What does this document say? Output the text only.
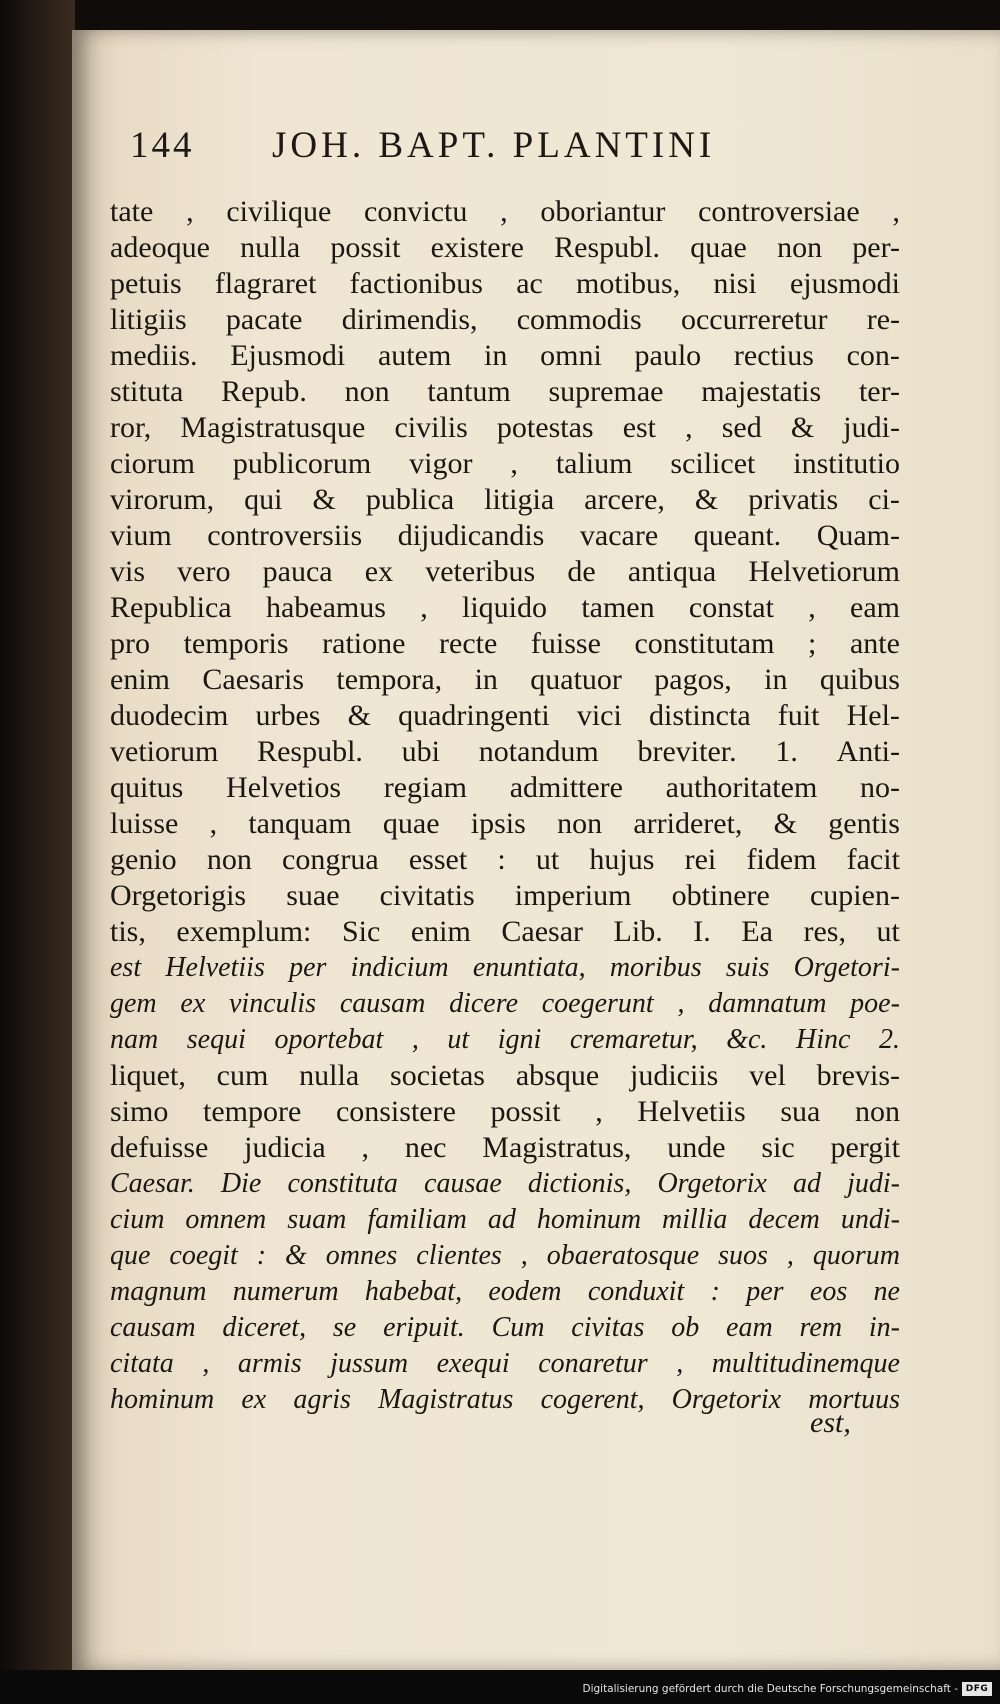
144 JOH. BAPT. PLANTINI
tate , civilique convictu , oboriantur controversiae ,
adeoque nulla possit existere Respubl. quae non per-
petuis flagraret factionibus ac motibus, nisi ejusmodi
litigiis pacate dirimendis, commodis occurreretur re-
mediis. Ejusmodi autem in omni paulo rectius con-
stituta Repub. non tantum supremae majestatis ter-
ror, Magistratusque civilis potestas est , sed & judi-
ciorum publicorum vigor , talium scilicet institutio
virorum, qui & publica litigia arcere, & privatis ci-
vium controversiis dijudicandis vacare queant. Quam-
vis vero pauca ex veteribus de antiqua Helvetiorum
Republica habeamus , liquido tamen constat , eam
pro temporis ratione recte fuisse constitutam ; ante
enim Caesaris tempora, in quatuor pagos, in quibus
duodecim urbes & quadringenti vici distincta fuit Hel-
vetiorum Respubl. ubi notandum breviter. 1. Anti-
quitus Helvetios regiam admittere authoritatem no-
luisse , tanquam quae ipsis non arrideret, & gentis
genio non congrua esset : ut hujus rei fidem facit
Orgetorigis suae civitatis imperium obtinere cupien-
tis, exemplum: Sic enim Caesar Lib. I. Ea res, ut
est Helvetiis per indicium enuntiata, moribus suis Orgetori-
gem ex vinculis causam dicere coegerunt , damnatum poe-
nam sequi oportebat , ut igni cremaretur, &c. Hinc 2.
liquet, cum nulla societas absque judiciis vel brevis-
simo tempore consistere possit , Helvetiis sua non
defuisse judicia , nec Magistratus, unde sic pergit
Caesar. Die constituta causae dictionis, Orgetorix ad judi-
cium omnem suam familiam ad hominum millia decem undi-
que coegit : & omnes clientes , obaeratosque suos , quorum
magnum numerum habebat, eodem conduxit : per eos ne
causam diceret, se eripuit. Cum civitas ob eam rem in-
citata , armis jussum exequi conaretur , multitudinemque
hominum ex agris Magistratus cogerent, Orgetorix mortuus
est,
Digitalisierung gefördert durch die Deutsche Forschungsgemeinschaft - DFG
